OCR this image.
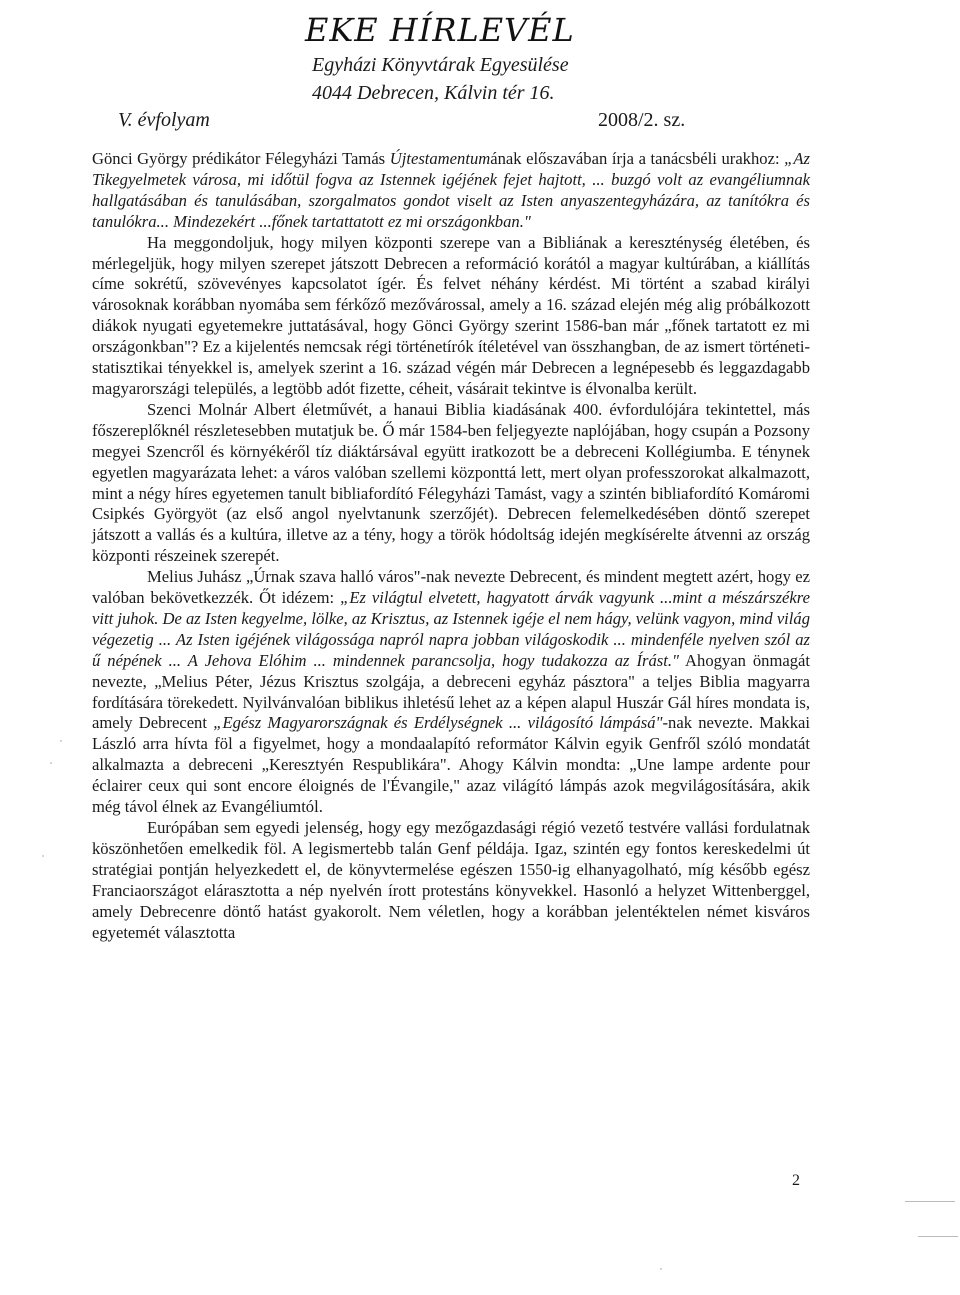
EKE HÍRLEVÉL
Egyházi Könyvtárak Egyesülése
4044 Debrecen, Kálvin tér 16.
V. évfolyam	2008/2. sz.

Gönci György prédikátor Félegyházi Tamás Újtestamentumának előszavában írja a tanácsbéli urakhoz: „Az Tikegyelmetek városa, mi időtül fogva az Istennek igéjének fejet hajtott, ... buzgó volt az evangéliumnak hallgatásában és tanulásában, szorgalmatos gondot viselt az Isten anyaszentegyházára, az tanítókra és tanulókra... Mindezekért ...főnek tartattatott ez mi országonkban."

Ha meggondoljuk, hogy milyen központi szerepe van a Bibliának a kereszténység életében, és mérlegeljük, hogy milyen szerepet játszott Debrecen a reformáció korától a magyar kultúrában, a kiállítás címe sokrétű, szövevényes kapcsolatot ígér. És felvet néhány kérdést. Mi történt a szabad királyi városoknak korábban nyomába sem férkőző mezővárossal, amely a 16. század elején még alig próbálkozott diákok nyugati egyetemekre juttatásával, hogy Gönci György szerint 1586-ban már „főnek tartatott ez mi országonkban"? Ez a kijelentés nemcsak régi történetírók ítéletével van összhangban, de az ismert történeti-statisztikai tényekkel is, amelyek szerint a 16. század végén már Debrecen a legnépesebb és leggazdagabb magyarországi település, a legtöbb adót fizette, céheit, vásárait tekintve is élvonalba került.

Szenci Molnár Albert életművét, a hanaui Biblia kiadásának 400. évfordulójára tekintettel, más főszereplőknél részletesebben mutatjuk be. Ő már 1584-ben feljegyezte naplójában, hogy csupán a Pozsony megyei Szencről és környékéről tíz diáktársával együtt iratkozott be a debreceni Kollégiumba. E ténynek egyetlen magyarázata lehet: a város valóban szellemi központtá lett, mert olyan professzorokat alkalmazott, mint a négy híres egyetemen tanult bibliafordító Félegyházi Tamást, vagy a szintén bibliafordító Komáromi Csipkés Györgyöt (az első angol nyelvtanunk szerzőjét). Debrecen felemelkedésében döntő szerepet játszott a vallás és a kultúra, illetve az a tény, hogy a török hódoltság idején megkísérelte átvenni az ország központi részeinek szerepét.

Melius Juhász „Úrnak szava halló város"-nak nevezte Debrecent, és mindent megtett azért, hogy ez valóban bekövetkezzék. Őt idézem: „Ez világtul elvetett, hagyatott árvák vagyunk ...mint a mészárszékre vitt juhok. De az Isten kegyelme, lölke, az Krisztus, az Istennek igéje el nem hágy, velünk vagyon, mind világ végezetig ... Az Isten igéjének világossága napról napra jobban világoskodik ... mindenféle nyelven szól az ű népének ... A Jehova Elóhim ... mindennek parancsolja, hogy tudakozza az Írást." Ahogyan önmagát nevezte, „Melius Péter, Jézus Krisztus szolgája, a debreceni egyház pásztora" a teljes Biblia magyarra fordítására törekedett. Nyilvánvalóan biblikus ihletésű lehet az a képen alapul Huszár Gál híres mondata is, amely Debrecent „Egész Magyarországnak és Erdélységnek ... világosító lámpásá"-nak nevezte. Makkai László arra hívta föl a figyelmet, hogy a mondaalapító reformátor Kálvin egyik Genfről szóló mondatát alkalmazta a debreceni „Keresztyén Respublikára". Ahogy Kálvin mondta: „Une lampe ardente pour éclairer ceux qui sont encore éloignés de l'Évangile," azaz világító lámpás azok megvilágosítására, akik még távol élnek az Evangéliumtól.

Európában sem egyedi jelenség, hogy egy mezőgazdasági régió vezető testvére vallási fordulatnak köszönhetően emelkedik föl. A legismertebb talán Genf példája. Igaz, szintén egy fontos kereskedelmi út stratégiai pontján helyezkedett el, de könyvtermelése egészen 1550-ig elhanyagolható, míg később egész Franciaországot elárasztotta a nép nyelvén írott protestáns könyvekkel. Hasonló a helyzet Wittenberggel, amely Debrecenre döntő hatást gyakorolt. Nem véletlen, hogy a korábban jelentéktelen német kisváros egyetemét választotta

2
